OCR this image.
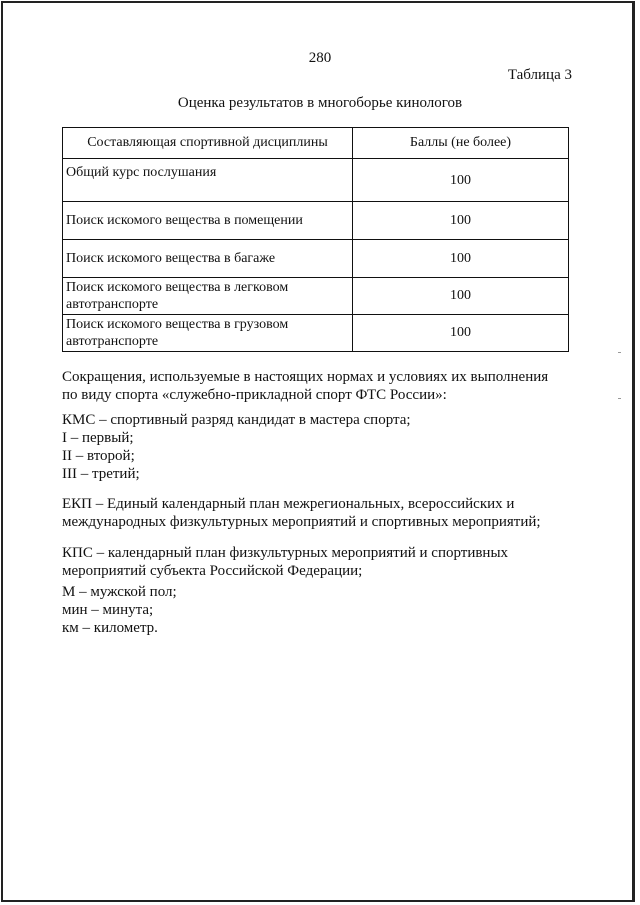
280
Таблица 3
Оценка результатов в многоборье кинологов
Составляющая спортивной дисциплины	Баллы (не более)
Общий курс послушания	100
Поиск искомого вещества в помещении	100
Поиск искомого вещества в багаже	100
Поиск искомого вещества в легковом
автотранспорте	100
Поиск искомого вещества в грузовом
автотранспорте	100
Сокращения, используемые в настоящих нормах и условиях их выполнения
по виду спорта «служебно-прикладной спорт ФТС России»:
КМС – спортивный разряд кандидат в мастера спорта;
I – первый;
II – второй;
III – третий;
ЕКП – Единый календарный план межрегиональных, всероссийских и
международных физкультурных мероприятий и спортивных мероприятий;
КПС – календарный план физкультурных мероприятий и спортивных
мероприятий субъекта Российской Федерации;
М – мужской пол;
мин – минута;
км – километр.
